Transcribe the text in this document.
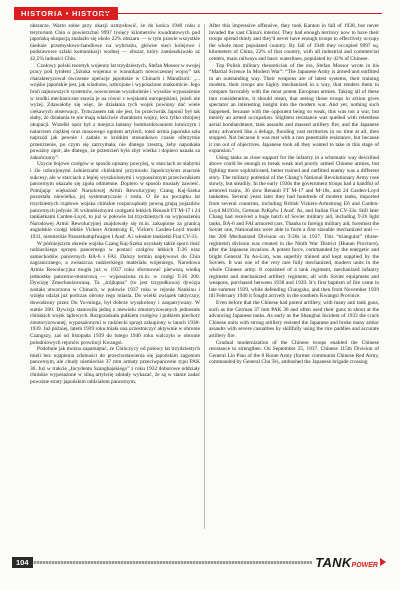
HISTORIA • HISTORY

obszarze. Warto sobie przy okazji uzmysłowić, że do końca 1940 roku z terytorium Chin o powierzchni 9997 tysięcy kilometrów kwadratowych pod japońską okupacją znalazło się około 22% obszaru — w tym prawie wszystkie nieduże przemysłowo-handlowe na wybrzeżu, główne sieci kolejowe i podstawowe szlaki komunikacji wodnej — obszar, który zamieszkiwało aż 42,5% ludności Chin.

Czołowy polski teoretyk wojenny lat trzydziestych, Stefan Mossor w swojej pracy pod tytułem „Sztuka wojenna w warunkach nowoczesnej wojny” tak charakteryzował ówczesne operacje japońskie w Chinach i Mandżurii: „... wojsko japońskie jest, jak wiadomo, uzbrojone i wyposażone znakomicie. Jego broń najnowszych systemów, nowoczesne wyszkolenie i wysokie wyposażenie w środki mechaniczne stawia je na równi z wojskami europejskimi, jeżeli nie wyżej. Zdawałoby się więc, że działania tych wojsk powinny dać wiele ciekawych obserwacji. Tymczasem tak nie jest, bo przeciwnik Japonii był tak słaby, że działania te nie mają właściwie charakteru wojny, lecz tylko zbrojnej okupacji. Wszelki opór był z miejsca łamany bombardowaniem lotniczym i natarciem ciężkiej oraz masowego ogniem artylerii, toteż armia japońska szła naprzód jak pewnie i zadała w krótkim stosunkowo czasie olbrzymie przestrzenie, po czym się zatrzymała, nie dlatego zresztą, żeby napotkała poważny opór, ale dlatego, że przestrzeń była zbyt wielka i dopiero uznała za zakończony”.

Uzycie bojowe czołgów w sposób opisany powyżej, w starciach ze słabymi i źle uzbrojonymi żołnierzami chińskimi przyniosło Japończykom znaczne sukcesy, ale w starciach z lepiej wyszkolonymi i wyposażonym przeciwnikiem pancernym okazało się zgoła odmienne. Dopiero w sposób musiały zawieść. Pomijając większość Narodowej Armii Rewolucyjnej Czang Kaj-Szeka pozostała niewielka, jej systematycznie i rosła. O ile na początku lat trzydziestych rządowe wojska chińskie rozporządzały pewną grupą pojazdów pancernych jedynie 36 wolnobieżnymi czołgami lekkich Renault FT M-17 i 24 tankietkami Carden-Loyd, to już w połowie lat trzydziestych na wyposażeniu Narodowej Armii Rewolucyjnej znajdowały się m.in. zakupione za granicą angielskie czołgi lekkie Vickers Armstrong E, Vickers Carden-Loyd model 1931, niemieckie Panzerkampfwagen I Ausf. A i włoskie tankietki Fiat CV-33.

W późniejszym okresie wojska Czang Kaj-Szeka uzyskały także sporo ilość radzieckiego sprzętu pancernego w postaci czołgów lekkich T-26 oraz samochodów pancernych BA-6 i FAI. Dalszy termin napływowi do Chin zagranicznego, a zwłaszcza radzieckiego materiału wojennego, Narodowa Armia Rewolucyjna mogła już w 1937 roku sformować pierwszą wielką jednostkę pancerno-motorową — wyposażona m.in. w czołgi T-26 200. Dywizję Zmechanizowaną. Ta „trójkątna” (to jest trzypułkowa) dywizja została utworzona w Chinach, w połowie 1937 roku w rejonie Nankinu i wzięła udział już podczas obrony tego miasta. Do wielki związek taktyczny, dowodzony przez Du Yu-minga, był dobrze wyszkolony i zaopatrywany. W sumie 200. Dywizja stanowiła jedną z niewielu zmotoryzowanych jednostek chińskich wojsk lądowych. Rozgrzadzała pułkiem czołgów i pułkiem piechoty zmotoryzowanej, wyposażonymi w radziecki sprzęt zakupiony w latach 1938-1939. Już później, latem 1939 roku miała ona uczestniczyć aktywnie w obronie Czangszy, zaś od listopada 1939 do lutego 1940 roku walczyła w obronie południowych rejonów prowincji Kwangsi.

Podobnie jak można zapamiętać, że Chińczycy od połowy lat trzydziestych mieli bez wątpienia zdolności do przeciwstawienia się japońskim zagonom pancernym, ale chudy niemieckie 37 mm armaty przeciwpancerne typu PAK 36. Już w trakcie „Incydentu Szanghajskiego” z roku 1932 doborowe oddziały chińskie wyposażone w silną artylerię zdołały wykazać, że są w stanie zadać poważne straty japońskim oddziałom pancernym.

After this impressive offensive, they took Kanton in fall of 1938, but never invaded the vast China's interior. They had enough territory now to have their troops spread thinly and they'd never have enough troops to effectively occupy the whole most populated country. By fall of 1940 they occupied 9997 sq. kilometers of China, 22% of that country, with all industrial and commercial centers, main railways and basic waterlines, populated by 42% of Chinese.

Top Polish military theoretician of the era, Stefan Mossor wrote in his “Martial Science In Modern War”: “The Japanese Army is armed and outfitted in an outstanding way. Their weapons are of latest systems, their training modern, their troops are highly mechanized in a way, that renders them to compare favorably with the most potent European armies. Taking all of these into consideration, it should mean, that seeing those troops in action gives spectator an interesting insight into the modern war. And yet, nothing such happened, because with the opponent being so weak, this was not a war, but merely an armed occupation. Slightest resistance was quelled with relentless aerial bombardment, tank assaults and massed artillery fire, and the Japanese army advanced like a deluge, flooding vast territories in no time at all, then stopped. Not because it was met with a non penetrable resistance, but because it ran out of objectives. Japanese took all they wanted to take in this stage of expansion.”

Using tanks as close support for the infantry in a schematic way described above could be enough to break weak and poorly armed Chinese armies, but fighting more sophisticated, better trained and outfitted enemy was a different story. The military potential of the Chang’s National Revolutionary Army rose slowly, but steadily. In the early 1930s the government troops had a handful of armored trains, 36 slow Renault FT M-17 and M-18s, and 24 Carden-Loyd tankettes. Several years later they had hundreds of modern tanks, imported from several countries, including British Vickers-Armstrong E6 and Carden-Loyd M1931s, German PzKpfw I Ausf. As, and Italian Fiat CV-33s. Still later Chang had received a huge batch of Soviet military aid, including T-26 light tanks, BA-6 and FAI armored cars. Thanks to foreign military aid, foremost the Soviet one, Nationalists were able to form a first sizeable mechanized unit — the 200 Mechanized Division on T-26s in 1937. This “triangular” (three-regiment) division was created in the Ninth War District (Hunan Province), after the Japanese invasion. A potent force, commanded by the energetic and bright General Tu Ao-Lim, was superbly trained and kept supplied by the Soviets. It was one of the very rare fully mechanized, modern units in the whole Chinese army. It consisted of a tank regiment, mechanized infantry regiment and mechanized artillery regiment, all with Soviet equipment and weapons, purchased between 1938 and 1939. It’s first baptism of fire came in late summer 1939, while defending Changsha, and then from November 1939 till February 1940 it fought actively in the southern Kwangsi Province.

Even before that the Chinese had potent artillery, with many anti tank guns, such as the German 37 mm PAK 36 and often used their guns to shoot at the advancing Japanese tanks. As early as the Shanghai Incident of 1932 the crack Chinese units with strong artillery resisted the Japanese and broke many armor assaults with severe casualties by skillfully using the rice paddies and accurate artillery fire.

Gradual modernization of the Chinese troops enabled the Chinese resistance to strengthen. On September 25, 1937, Chinese 115th Division of General Lin Piao of the 8 Route Army (former communist Chinese Red Army, commanded by General Chu Te), ambushed the Japanese brigade crossing

104	TANKPOWER
